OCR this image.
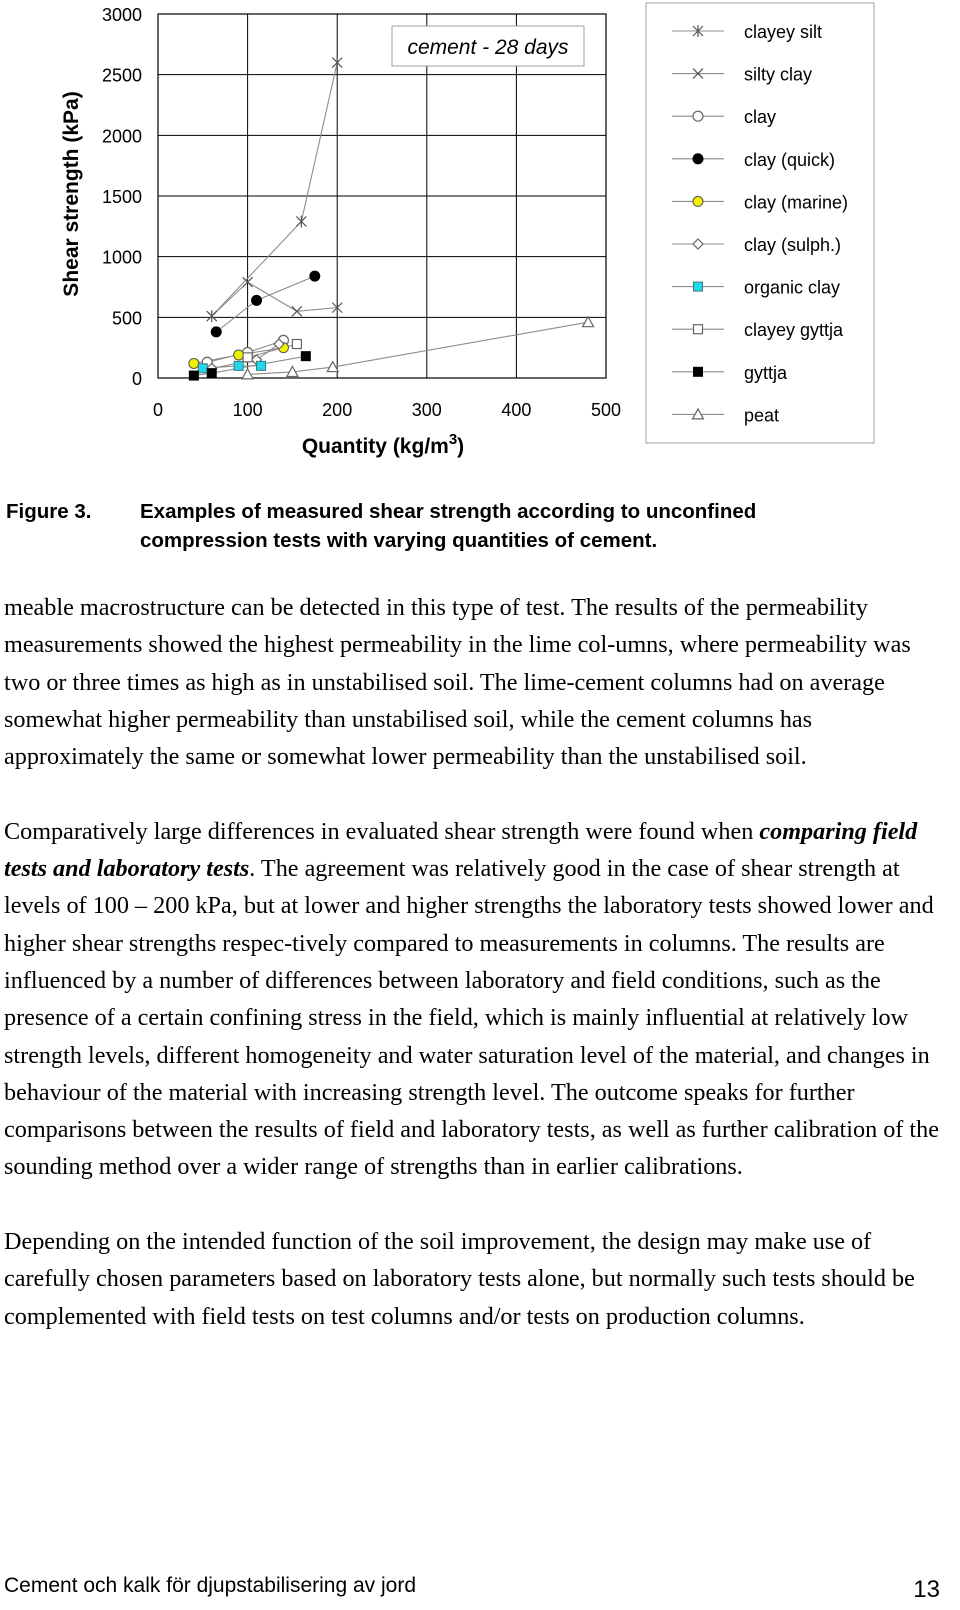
0	100	200	300	400	500
0
500
1000
1500
2000
2500
3000
cement - 28 days
Shear strength (kPa)
Quantity $(kg/m^3)$
clayey silt
silty clay
clay
clay (quick)
clay (marine)
clay (sulph.)
organic clay
clayey gyttja
gyttja
peat
Figure 3. Examples of measured shear strength according to unconfined
compression tests with varying quantities of cement.

meable macrostructure can be detected in this type of test. The results of the permeability measurements showed the highest permeability in the lime col-umns, where permeability was two or three times as high as in unstabilised soil. The lime-cement columns had on average somewhat higher permeability than unstabilised soil, while the cement columns has approximately the same or somewhat lower permeability than the unstabilised soil.

Comparatively large differences in evaluated shear strength were found when comparing field tests and laboratory tests. The agreement was relatively good in the case of shear strength at levels of 100 – 200 kPa, but at lower and higher strengths the laboratory tests showed lower and higher shear strengths respec-tively compared to measurements in columns. The results are influenced by a number of differences between laboratory and field conditions, such as the presence of a certain confining stress in the field, which is mainly influential at relatively low strength levels, different homogeneity and water saturation level of the material, and changes in behaviour of the material with increasing strength level. The outcome speaks for further comparisons between the results of field and laboratory tests, as well as further calibration of the sounding method over a wider range of strengths than in earlier calibrations.

Depending on the intended function of the soil improvement, the design may make use of carefully chosen parameters based on laboratory tests alone, but normally such tests should be complemented with field tests on test columns and/or tests on production columns.

Cement och kalk för djupstabilisering av jord	13
